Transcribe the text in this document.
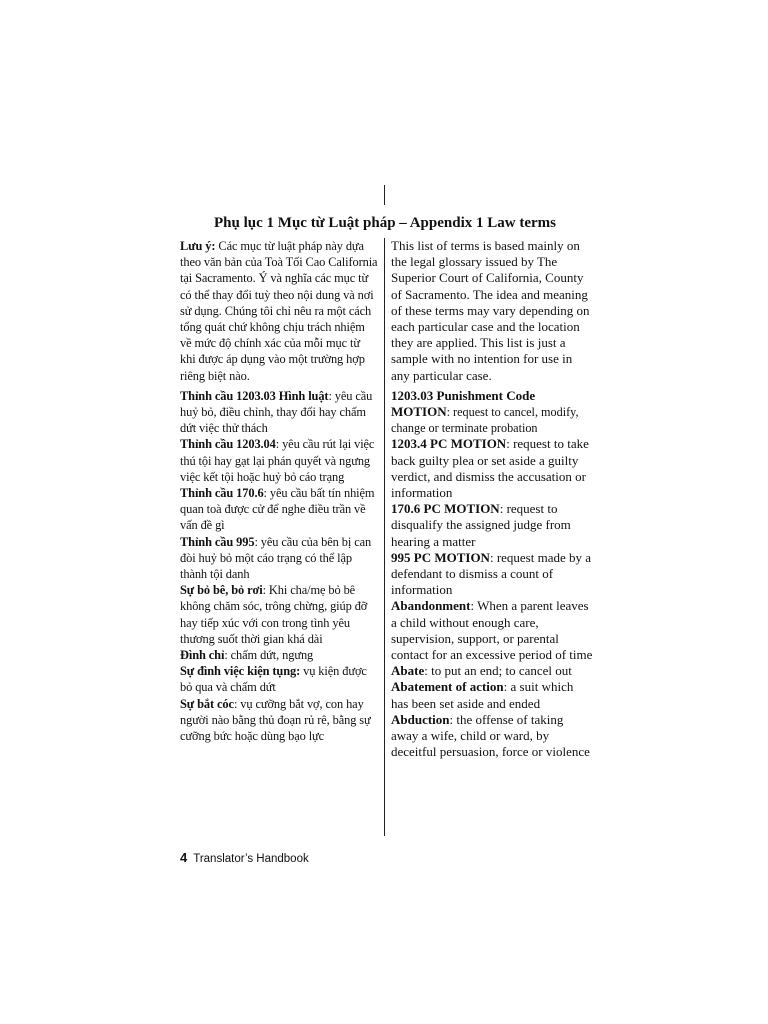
Phụ lục 1 Mục từ Luật pháp – Appendix 1 Law terms

Lưu ý: Các mục từ luật pháp này dựa theo văn bản của Toà Tối Cao California tại Sacramento. Ý và nghĩa các mục từ có thể thay đổi tuỳ theo nội dung và nơi sử dụng. Chúng tôi chỉ nêu ra một cách tổng quát chứ không chịu trách nhiệm về mức độ chính xác của mỗi mục từ khi được áp dụng vào một trường hợp riêng biệt nào.

Thỉnh cầu 1203.03 Hình luật: yêu cầu huỷ bỏ, điều chỉnh, thay đổi hay chấm dứt việc thử thách

Thỉnh cầu 1203.04: yêu cầu rút lại việc thú tội hay gạt lại phán quyết và ngưng việc kết tội hoặc huỷ bỏ cáo trạng

Thỉnh cầu 170.6: yêu cầu bất tín nhiệm quan toà được cử để nghe điều trần về vấn đề gì

Thỉnh cầu 995: yêu cầu của bên bị can đòi huỷ bỏ một cáo trạng có thể lập thành tội danh

Sự bỏ bê, bỏ rơi: Khi cha/mẹ bỏ bê không chăm sóc, trông chừng, giúp đỡ hay tiếp xúc với con trong tình yêu thương suốt thời gian khá dài

Đình chỉ: chấm dứt, ngưng

Sự đình việc kiện tụng: vụ kiện được bỏ qua và chấm dứt

Sự bắt cóc: vụ cưỡng bắt vợ, con hay người nào bằng thủ đoạn rủ rê, bằng sự cưỡng bức hoặc dùng bạo lực

This list of terms is based mainly on the legal glossary issued by The Superior Court of California, County of Sacramento. The idea and meaning of these terms may vary depending on each particular case and the location they are applied. This list is just a sample with no intention for use in any particular case.

1203.03 Punishment Code
MOTION: request to cancel, modify, change or terminate probation

1203.4 PC MOTION: request to take back guilty plea or set aside a guilty verdict, and dismiss the accusation or information

170.6 PC MOTION: request to disqualify the assigned judge from hearing a matter

995 PC MOTION: request made by a defendant to dismiss a count of information

Abandonment: When a parent leaves a child without enough care, supervision, support, or parental contact for an excessive period of time

Abate: to put an end; to cancel out

Abatement of action: a suit which has been set aside and ended

Abduction: the offense of taking away a wife, child or ward, by deceitful persuasion, force or violence

4 Translator’s Handbook
